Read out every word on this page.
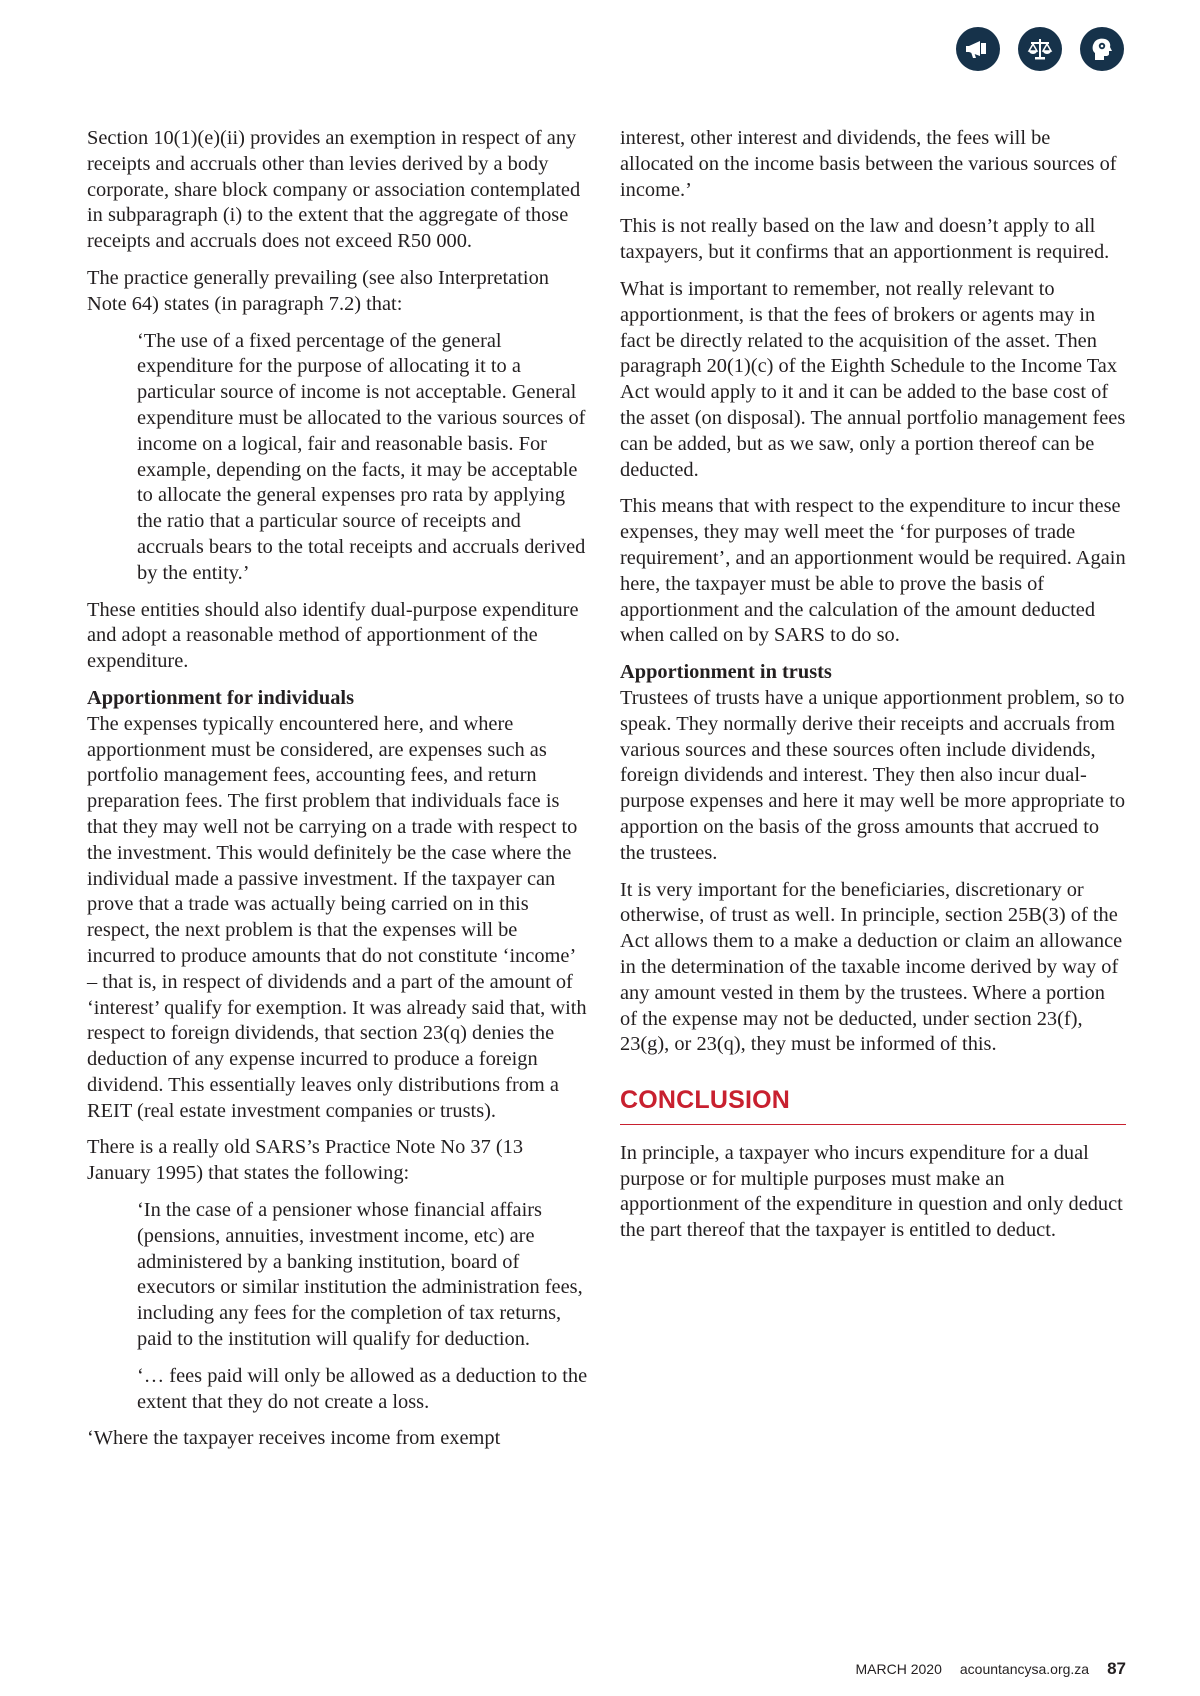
Section 10(1)(e)(ii) provides an exemption in respect of any receipts and accruals other than levies derived by a body corporate, share block company or association contemplated in subparagraph (i) to the extent that the aggregate of those receipts and accruals does not exceed R50 000.

The practice generally prevailing (see also Interpretation Note 64) states (in paragraph 7.2) that:

‘The use of a fixed percentage of the general expenditure for the purpose of allocating it to a particular source of income is not acceptable. General expenditure must be allocated to the various sources of income on a logical, fair and reasonable basis. For example, depending on the facts, it may be acceptable to allocate the general expenses pro rata by applying the ratio that a particular source of receipts and accruals bears to the total receipts and accruals derived by the entity.’

These entities should also identify dual-purpose expenditure and adopt a reasonable method of apportionment of the expenditure.

Apportionment for individuals

The expenses typically encountered here, and where apportionment must be considered, are expenses such as portfolio management fees, accounting fees, and return preparation fees. The first problem that individuals face is that they may well not be carrying on a trade with respect to the investment. This would definitely be the case where the individual made a passive investment. If the taxpayer can prove that a trade was actually being carried on in this respect, the next problem is that the expenses will be incurred to produce amounts that do not constitute ‘income’ – that is, in respect of dividends and a part of the amount of ‘interest’ qualify for exemption. It was already said that, with respect to foreign dividends, that section 23(q) denies the deduction of any expense incurred to produce a foreign dividend. This essentially leaves only distributions from a REIT (real estate investment companies or trusts).

There is a really old SARS’s Practice Note No 37 (13 January 1995) that states the following:

‘In the case of a pensioner whose financial affairs (pensions, annuities, investment income, etc) are administered by a banking institution, board of executors or similar institution the administration fees, including any fees for the completion of tax returns, paid to the institution will qualify for deduction.

‘… fees paid will only be allowed as a deduction to the extent that they do not create a loss.

‘Where the taxpayer receives income from exempt

interest, other interest and dividends, the fees will be allocated on the income basis between the various sources of income.’

This is not really based on the law and doesn’t apply to all taxpayers, but it confirms that an apportionment is required.

What is important to remember, not really relevant to apportionment, is that the fees of brokers or agents may in fact be directly related to the acquisition of the asset. Then paragraph 20(1)(c) of the Eighth Schedule to the Income Tax Act would apply to it and it can be added to the base cost of the asset (on disposal). The annual portfolio management fees can be added, but as we saw, only a portion thereof can be deducted.

This means that with respect to the expenditure to incur these expenses, they may well meet the ‘for purposes of trade requirement’, and an apportionment would be required. Again here, the taxpayer must be able to prove the basis of apportionment and the calculation of the amount deducted when called on by SARS to do so.

Apportionment in trusts

Trustees of trusts have a unique apportionment problem, so to speak. They normally derive their receipts and accruals from various sources and these sources often include dividends, foreign dividends and interest. They then also incur dual-purpose expenses and here it may well be more appropriate to apportion on the basis of the gross amounts that accrued to the trustees.

It is very important for the beneficiaries, discretionary or otherwise, of trust as well. In principle, section 25B(3) of the Act allows them to a make a deduction or claim an allowance in the determination of the taxable income derived by way of any amount vested in them by the trustees. Where a portion of the expense may not be deducted, under section 23(f), 23(g), or 23(q), they must be informed of this.

CONCLUSION

In principle, a taxpayer who incurs expenditure for a dual purpose or for multiple purposes must make an apportionment of the expenditure in question and only deduct the part thereof that the taxpayer is entitled to deduct.

MARCH 2020 acountancysa.org.za 87
